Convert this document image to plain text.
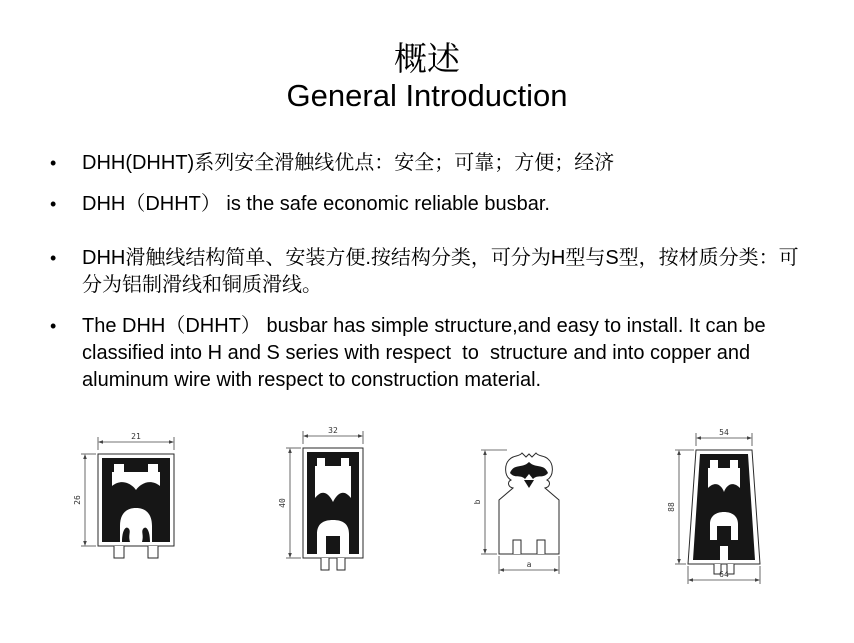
概述
General Introduction
•	DHH(DHHT)系列安全滑触线优点：安全；可靠；方便；经济
•	DHH（DHHT） is the safe economic reliable busbar.
•	DHH滑触线结构简单、安装方便.按结构分类，可分为H型与S型，按材质分类：可分为铝制滑线和铜质滑线。
•	The DHH（DHHT） busbar has simple structure,and easy to install. It can be classified into H and S series with respect  to  structure and into copper and aluminum wire with respect to construction material.
21
26
32
40	b
a
54
88
64
